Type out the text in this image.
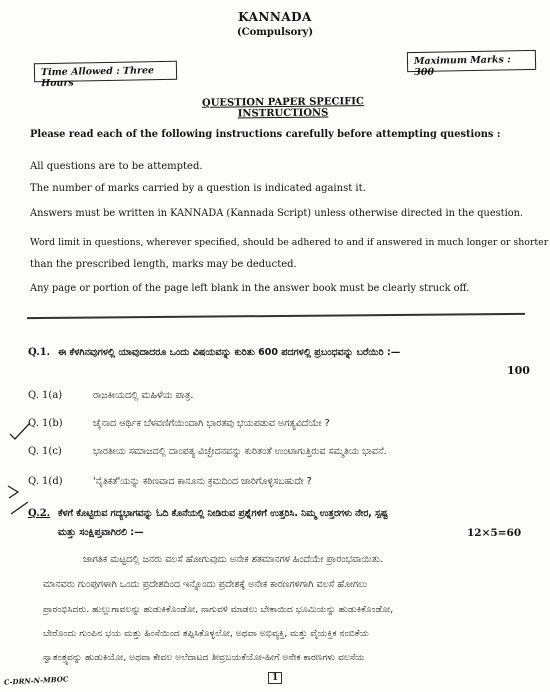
KANNADA
(Compulsory)
Time Allowed : Three Hours
Maximum Marks : 300
QUESTION PAPER SPECIFIC INSTRUCTIONS
Please read each of the following instructions carefully before attempting questions :
All questions are to be attempted.
The number of marks carried by a question is indicated against it.
Answers must be written in KANNADA (Kannada Script) unless otherwise directed in the question.
Word limit in questions, wherever specified, should be adhered to and if answered in much longer or shorter
than the prescribed length, marks may be deducted.
Any page or portion of the page left blank in the answer book must be clearly struck off.
Q.1. ಈ ಕೆಳಗಿನವುಗಳಲ್ಲಿ ಯಾವುದಾದರೂ ಒಂದು ವಿಷಯವನ್ನು ಕುರಿತು 600 ಪದಗಳಲ್ಲಿ ಪ್ರಬಂಧವನ್ನು ಬರೆಯಿರಿ :—
100
Q. 1(a)	ರಾಜಕೀಯದಲ್ಲಿ ಮಹಿಳೆಯ ಪಾತ್ರ.
Q. 1(b)	ಚೈನಾದ ಆರ್ಥಿಕ ಬೆಳವಣಿಗೆಯಿಂದಾಗಿ ಭಾರತವು ಭಯಪಡುವ ಅಗತ್ಯವಿದೆಯೇ ?
Q. 1(c)	ಭಾರತೀಯ ಸಮಾಜದಲ್ಲಿ ದಾಂಪತ್ಯ ವಿಚ್ಛೇದನವನ್ನು ಕುರಿತಂತೆ ಉಂಟಾಗುತ್ತಿರುವ ಸಮ್ಮತಿಯ ಭಾವನೆ.
Q. 1(d)	'ನೈತಿಕತೆ'ಯನ್ನು ಕಠಿಣವಾದ ಕಾನೂನು ಕ್ರಮದಿಂದ ಜಾರಿಗೊಳ್ಳಿಸಬಹುದೇ ?
Q.2. ಕೆಳಗೆ ಕೊಟ್ಟಿರುವ ಗದ್ಯಭಾಗವನ್ನು ಓದಿ ಕೊನೆಯಲ್ಲಿ ನೀಡಿರುವ ಪ್ರಶ್ನೆಗಳಿಗೆ ಉತ್ತರಿಸಿ. ನಿಮ್ಮ ಉತ್ತರಗಳು ನೇರ, ಸ್ಪಷ್ಟ
ಮತ್ತು ಸಂಕ್ಷಿಪ್ತವಾಗಿರಲಿ :—	12×5=60
ಜಾಗತಿಕ ಮಟ್ಟದಲ್ಲಿ ಜನರು ವಲಸೆ ಹೋಗುವುದು ಅನೇಕ ಶತಮಾನಗಳ ಹಿಂದೆಯೇ ಪ್ರಾರಂಭವಾಯಿತು.
ಮಾನವರು ಗುಂಪುಗಳಾಗಿ ಒಂದು ಪ್ರದೇಶದಿಂದ ಇನ್ನೊಂದು ಪ್ರದೇಶಕ್ಕೆ ಅನೇಕ ಕಾರಣಗಳಿಗಾಗಿ ವಲಸೆ ಹೋಗಲು
ಪ್ರಾರಂಭಿಸಿದರು. ಹುಲ್ಲುಗಾವಲನ್ನು ಹುಡುಕಿಕೊಂಡೋ, ಸಾಗುವಳಿ ಮಾಡಲು ಬೇಕಾಯಿದ ಭೂಮಿಯನ್ನು ಹುಡುಕಿಕೊಂಡೋ,
ಬೇರೊಂದು ಗುಂಪಿನ ಭಯ ಮತ್ತು ಹಿಂಸೆಯಿಂದ ತಪ್ಪಿಸಿಕೊಳ್ಳಲೋ, ಅಥವಾ ಅಭಿವ್ಯಕ್ತಿ, ಮತ್ತು ವೈಯಕ್ತಿಕ ನಂಬಿಕೆಯ
ಸ್ವಾತಂತ್ರ್ಯವನ್ನು ಹುಡುಕಿಯೋ, ಅಥವಾ ಕೇವಲ ಅಲೆದಾಟದ ತೀವ್ರಬಯಕೆಯೋ-ಹೀಗೆ ಅನೇಕ ಕಾರಣಗಳು ವಲಸೆಯ
C-DRN-N-MBOC	1
